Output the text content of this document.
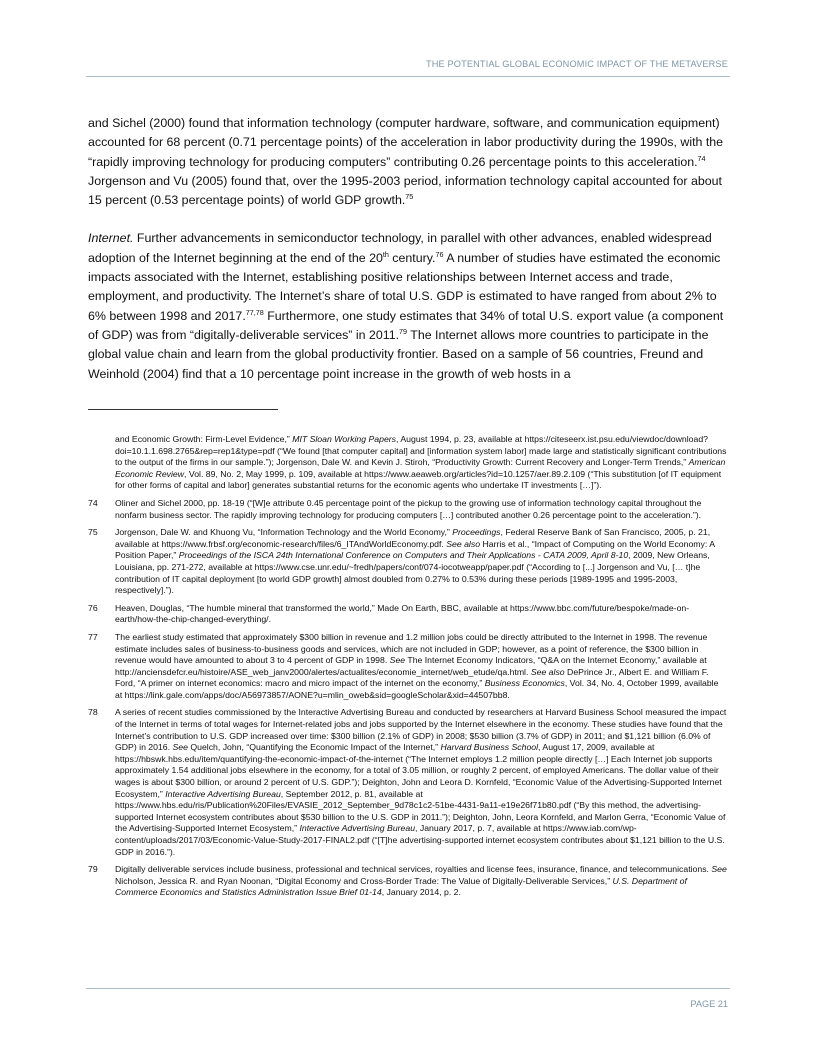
THE POTENTIAL GLOBAL ECONOMIC IMPACT OF THE METAVERSE

and Sichel (2000) found that information technology (computer hardware, software, and communication equipment) accounted for 68 percent (0.71 percentage points) of the acceleration in labor productivity during the 1990s, with the “rapidly improving technology for producing computers” contributing 0.26 percentage points to this acceleration.$^{74}$ Jorgenson and Vu (2005) found that, over the 1995-2003 period, information technology capital accounted for about 15 percent (0.53 percentage points) of world GDP growth.$^{75}$

Internet. Further advancements in semiconductor technology, in parallel with other advances, enabled widespread adoption of the Internet beginning at the end of the 20th century.$^{76}$ A number of studies have estimated the economic impacts associated with the Internet, establishing positive relationships between Internet access and trade, employment, and productivity. The Internet’s share of total U.S. GDP is estimated to have ranged from about 2% to 6% between 1998 and 2017.$^{77,78}$ Furthermore, one study estimates that 34% of total U.S. export value (a component of GDP) was from “digitally-deliverable services” in 2011.79 The Internet allows more countries to participate in the global value chain and learn from the global productivity frontier. Based on a sample of 56 countries, Freund and Weinhold (2004) find that a 10 percentage point increase in the growth of web hosts in a

and Economic Growth: Firm-Level Evidence,” MIT Sloan Working Papers, August 1994, p. 23, available at https://citeseerx.ist.psu.edu/viewdoc/download?doi=10.1.1.698.2765&rep=rep1&type=pdf (“We found [that computer capital] and [information system labor] made large and statistically significant contributions to the output of the firms in our sample.”); Jorgenson, Dale W. and Kevin J. Stiroh, “Productivity Growth: Current Recovery and Longer-Term Trends,” American Economic Review, Vol. 89, No. 2, May 1999, p. 109, available at https://www.aeaweb.org/articles?id=10.1257/aer.89.2.109 (“This substitution [of IT equipment for other forms of capital and labor] generates substantial returns for the economic agents who undertake IT investments […]”).
74	Oliner and Sichel 2000, pp. 18-19 (“[W]e attribute 0.45 percentage point of the pickup to the growing use of information technology capital throughout the nonfarm business sector. The rapidly improving technology for producing computers […] contributed another 0.26 percentage point to the acceleration.”).
75	Jorgenson, Dale W. and Khuong Vu, “Information Technology and the World Economy,” Proceedings, Federal Reserve Bank of San Francisco, 2005, p. 21, available at https://www.frbsf.org/economic-research/files/6_ITAndWorldEconomy.pdf. See also Harris et al., “Impact of Computing on the World Economy: A Position Paper,” Proceedings of the ISCA 24th International Conference on Computers and Their Applications - CATA 2009, April 8-10, 2009, New Orleans, Louisiana, pp. 271-272, available at https://www.cse.unr.edu/~fredh/papers/conf/074-iocotweapp/paper.pdf (“According to [...] Jorgenson and Vu, [… t]he contribution of IT capital deployment [to world GDP growth] almost doubled from 0.27% to 0.53% during these periods [1989-1995 and 1995-2003, respectively].”).
76	Heaven, Douglas, “The humble mineral that transformed the world,” Made On Earth, BBC, available at https://www.bbc.com/future/bespoke/made-on-earth/how-the-chip-changed-everything/.
77	The earliest study estimated that approximately $300 billion in revenue and 1.2 million jobs could be directly attributed to the Internet in 1998. The revenue estimate includes sales of business-to-business goods and services, which are not included in GDP; however, as a point of reference, the $300 billion in revenue would have amounted to about 3 to 4 percent of GDP in 1998. See The Internet Economy Indicators, “Q&A on the Internet Economy,” available at http://anciensdefcr.eu/histoire/ASE_web_janv2000/alertes/actualites/economie_internet/web_etude/qa.html. See also DePrince Jr., Albert E. and William F. Ford, “A primer on internet economics: macro and micro impact of the internet on the economy,” Business Economics, Vol. 34, No. 4, October 1999, available at https://link.gale.com/apps/doc/A56973857/AONE?u=mlin_oweb&sid=googleScholar&xid=44507bb8.
78	A series of recent studies commissioned by the Interactive Advertising Bureau and conducted by researchers at Harvard Business School measured the impact of the Internet in terms of total wages for Internet-related jobs and jobs supported by the Internet elsewhere in the economy. These studies have found that the Internet’s contribution to U.S. GDP increased over time: $300 billion (2.1% of GDP) in 2008; $530 billion (3.7% of GDP) in 2011; and $1,121 billion (6.0% of GDP) in 2016. See Quelch, John, “Quantifying the Economic Impact of the Internet,” Harvard Business School, August 17, 2009, available at https://hbswk.hbs.edu/item/quantifying-the-economic-impact-of-the-internet (“The Internet employs 1.2 million people directly […] Each Internet job supports approximately 1.54 additional jobs elsewhere in the economy, for a total of 3.05 million, or roughly 2 percent, of employed Americans. The dollar value of their wages is about $300 billion, or around 2 percent of U.S. GDP.”); Deighton, John and Leora D. Kornfeld, “Economic Value of the Advertising-Supported Internet Ecosystem,” Interactive Advertising Bureau, September 2012, p. 81, available at https://www.hbs.edu/ris/Publication%20Files/EVASIE_2012_September_9d78c1c2-51be-4431-9a11-e19e26f71b80.pdf (“By this method, the advertising-supported Internet ecosystem contributes about $530 billion to the U.S. GDP in 2011.”); Deighton, John, Leora Kornfeld, and Marlon Gerra, “Economic Value of the Advertising-Supported Internet Ecosystem,” Interactive Advertising Bureau, January 2017, p. 7, available at https://www.iab.com/wp-content/uploads/2017/03/Economic-Value-Study-2017-FINAL2.pdf (“[T]he advertising-supported internet ecosystem contributes about $1,121 billion to the U.S. GDP in 2016.”).
79	Digitally deliverable services include business, professional and technical services, royalties and license fees, insurance, finance, and telecommunications. See Nicholson, Jessica R. and Ryan Noonan, “Digital Economy and Cross-Border Trade: The Value of Digitally-Deliverable Services,” U.S. Department of Commerce Economics and Statistics Administration Issue Brief 01-14, January 2014, p. 2.
PAGE 21
